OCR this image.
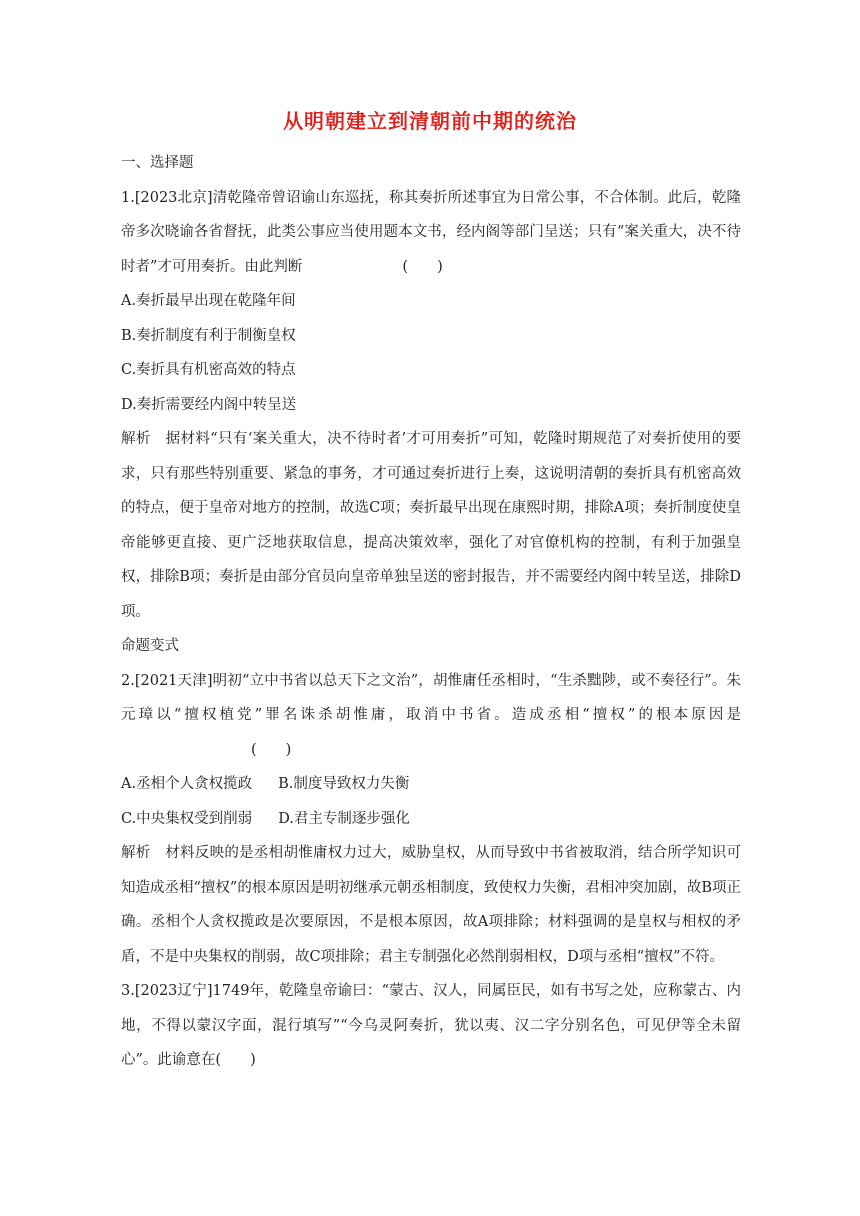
从明朝建立到清朝前中期的统治

一、选择题

1.[2023北京]清乾隆帝曾诏谕山东巡抚，称其奏折所述事宜为日常公事，不合体制。此后，乾隆帝多次晓谕各省督抚，此类公事应当使用题本文书，经内阁等部门呈送；只有“案关重大，决不待时者”才可用奏折。由此判断	(　　)

A.奏折最早出现在乾隆年间

B.奏折制度有利于制衡皇权

C.奏折具有机密高效的特点

D.奏折需要经内阁中转呈送

解析　据材料“只有‘案关重大，决不待时者’才可用奏折”可知，乾隆时期规范了对奏折使用的要求，只有那些特别重要、紧急的事务，才可通过奏折进行上奏，这说明清朝的奏折具有机密高效的特点，便于皇帝对地方的控制，故选C项；奏折最早出现在康熙时期，排除A项；奏折制度使皇帝能够更直接、更广泛地获取信息，提高决策效率，强化了对官僚机构的控制，有利于加强皇权，排除B项；奏折是由部分官员向皇帝单独呈送的密封报告，并不需要经内阁中转呈送，排除D项。

命题变式

2.[2021天津]明初“立中书省以总天下之文治”，胡惟庸任丞相时，“生杀黜陟，或不奏径行”。朱元璋以“擅权植党”罪名诛杀胡惟庸，取消中书省。造成丞相“擅权”的根本原因是(　　)

A.丞相个人贪权揽政 B.制度导致权力失衡

C.中央集权受到削弱 D.君主专制逐步强化

解析　材料反映的是丞相胡惟庸权力过大，威胁皇权，从而导致中书省被取消，结合所学知识可知造成丞相“擅权”的根本原因是明初继承元朝丞相制度，致使权力失衡，君相冲突加剧，故B项正确。丞相个人贪权揽政是次要原因，不是根本原因，故A项排除；材料强调的是皇权与相权的矛盾，不是中央集权的削弱，故C项排除；君主专制强化必然削弱相权，D项与丞相“擅权”不符。

3.[2023辽宁]1749年，乾隆皇帝谕曰：“蒙古、汉人，同属臣民，如有书写之处，应称蒙古、内地，不得以蒙汉字面，混行填写”“今乌灵阿奏折，犹以夷、汉二字分别名色，可见伊等全未留心”。此谕意在(　　)
